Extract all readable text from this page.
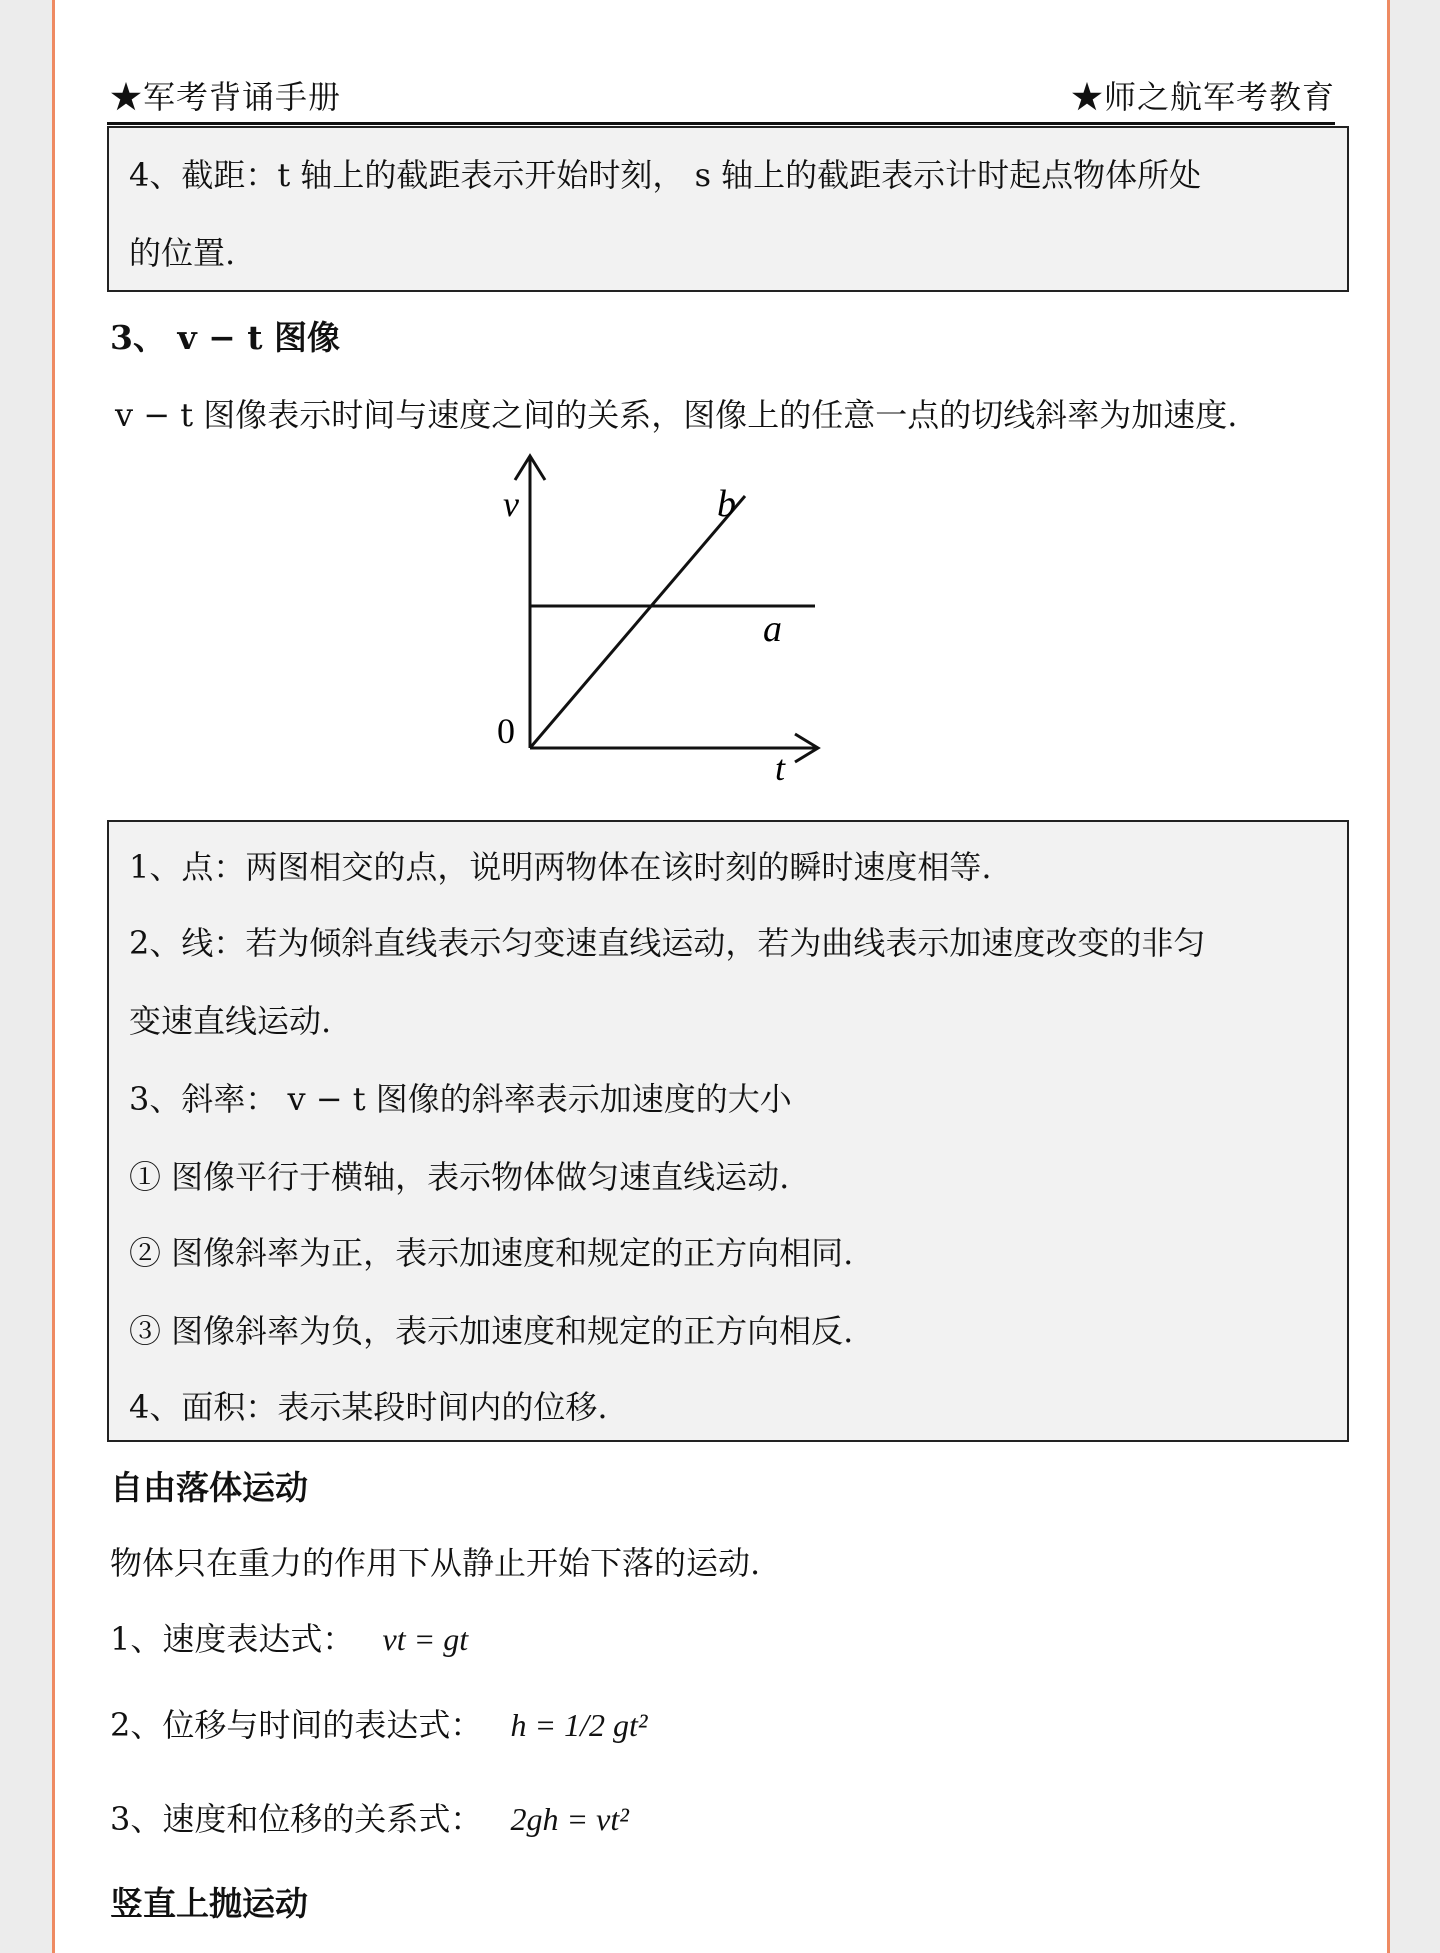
★军考背诵手册	★师之航军考教育
4、截距：t 轴上的截距表示开始时刻， s 轴上的截距表示计时起点物体所处
的位置.
3、 v − t 图像
v − t 图像表示时间与速度之间的关系，图像上的任意一点的切线斜率为加速度.
v
t
0
b
a
1、点：两图相交的点，说明两物体在该时刻的瞬时速度相等.
2、线：若为倾斜直线表示匀变速直线运动，若为曲线表示加速度改变的非匀
变速直线运动.
3、斜率： v − t 图像的斜率表示加速度的大小
① 图像平行于横轴，表示物体做匀速直线运动.
② 图像斜率为正，表示加速度和规定的正方向相同.
③ 图像斜率为负，表示加速度和规定的正方向相反.
4、面积：表示某段时间内的位移.
自由落体运动
物体只在重力的作用下从静止开始下落的运动.
1、速度表达式： vt = gt
2、位移与时间的表达式： h = 1/2 gt²
3、速度和位移的关系式： 2gh = vt²
竖直上抛运动
